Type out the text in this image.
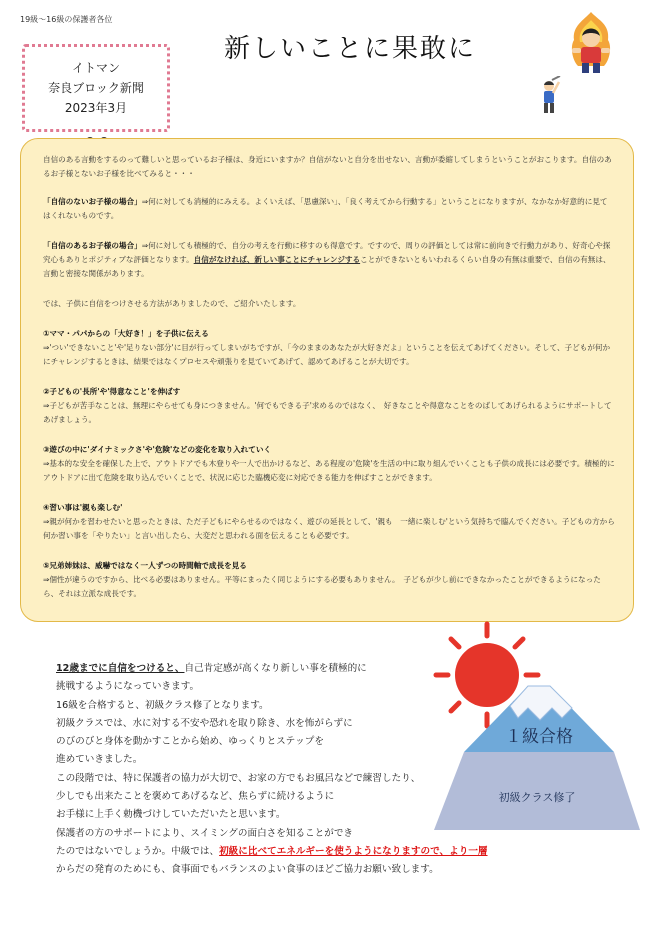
19級〜16級の保護者各位
イトマン
奈良ブロック新聞
2023年3月
新しいことに果敢に
自信のある言動をするのって難しいと思っているお子様は、身近にいますか？自信がないと自分を出せない、言動が委縮してしまうということがおこります。自信のあるお子様とないお子様を比べてみると・・・
「自信のないお子様の場合」⇒何に対しても消極的にみえる。よくいえば、「思慮深い」、「良く考えてから行動する」ということになりますが、なかなか好意的に見てはくれないものです。
「自信のあるお子様の場合」⇒何に対しても積極的で、自分の考えを行動に移すのも得意です。ですので、周りの評価としては常に前向きで行動力があり、好奇心や探究心もありとポジティブな評価となります。自信がなければ、新しい事ことにチャレンジすることができないともいわれるくらい自身の有無は重要で、自信の有無は、言動と密接な関係があります。
では、子供に自信をつけさせる方法がありましたので、ご紹介いたします。
①ママ・パパからの「大好き！」を子供に伝える
⇒'つい'できないこと'や'足りない部分'に目が行ってしまいがちですが、「今のままのあなたが大好きだよ」ということを伝えてあげてください。そして、子どもが何かにチャレンジするときは、結果ではなくプロセスや頑張りを見ていてあげて、認めてあげることが大切です。
②子どもの'長所'や'得意なこと'を伸ばす
⇒子どもが苦手なことは、無理にやらせても身につきません。'何でもできる子'求めるのではなく、　好きなことや得意なことをのばしてあげられるようにサポートしてあげましょう。
③遊びの中に'ダイナミックさ'や'危険'などの変化を取り入れていく
⇒基本的な安全を確保した上で、アウトドアでも木登りや一人で出かけるなど、ある程度の'危険'を生活の中に取り組んでいくことも子供の成長には必要です。積極的にアウトドアに出て危険を取り込んでいくことで、状況に応じた臨機応変に対応できる能力を伸ばすことができます。
④習い事は'親も楽しむ'
⇒親が何かを習わせたいと思ったときは、ただ子どもにやらせるのではなく、遊びの延長として、'親も　一緒に楽しむ'という気持ちで臨んでください。子どもの方から何か習い事を「やりたい」と言い出したら、大変だと思われる面を伝えることも必要です。
⑤兄弟姉妹は、威嚇ではなく一人ずつの時間軸で成長を見る
⇒個性が違うのですから、比べる必要はありません。平等にまったく同じようにする必要もありません。　子どもが少し前にできなかったことができるようになったら、それは立派な成長です。

12歳までに自信をつけると、自己肯定感が高くなり新しい事を積極的に

挑戦するようになっていきます。

16級を合格すると、初級クラス修了となります。

初級クラスでは、水に対する不安や恐れを取り除き、水を怖がらずに

のびのびと身体を動かすことから始め、ゆっくりとステップを

進めていきました。

この段階では、特に保護者の協力が大切で、お家の方でもお風呂などで練習したり、

少しでも出来たことを褒めてあげるなど、焦らずに続けるように

お手様に上手く勅機づけしていただいたと思います。

保護者の方のサポートにより、スイミングの面白さを知ることができ

たのではないでしょうか。中級では、初級に比べてエネルギーを使うようになりますので、より一層

からだの発育のためにも、食事面でもバランスのよい食事のほどご協力お願い致します。

１級合格
初級クラス修了
